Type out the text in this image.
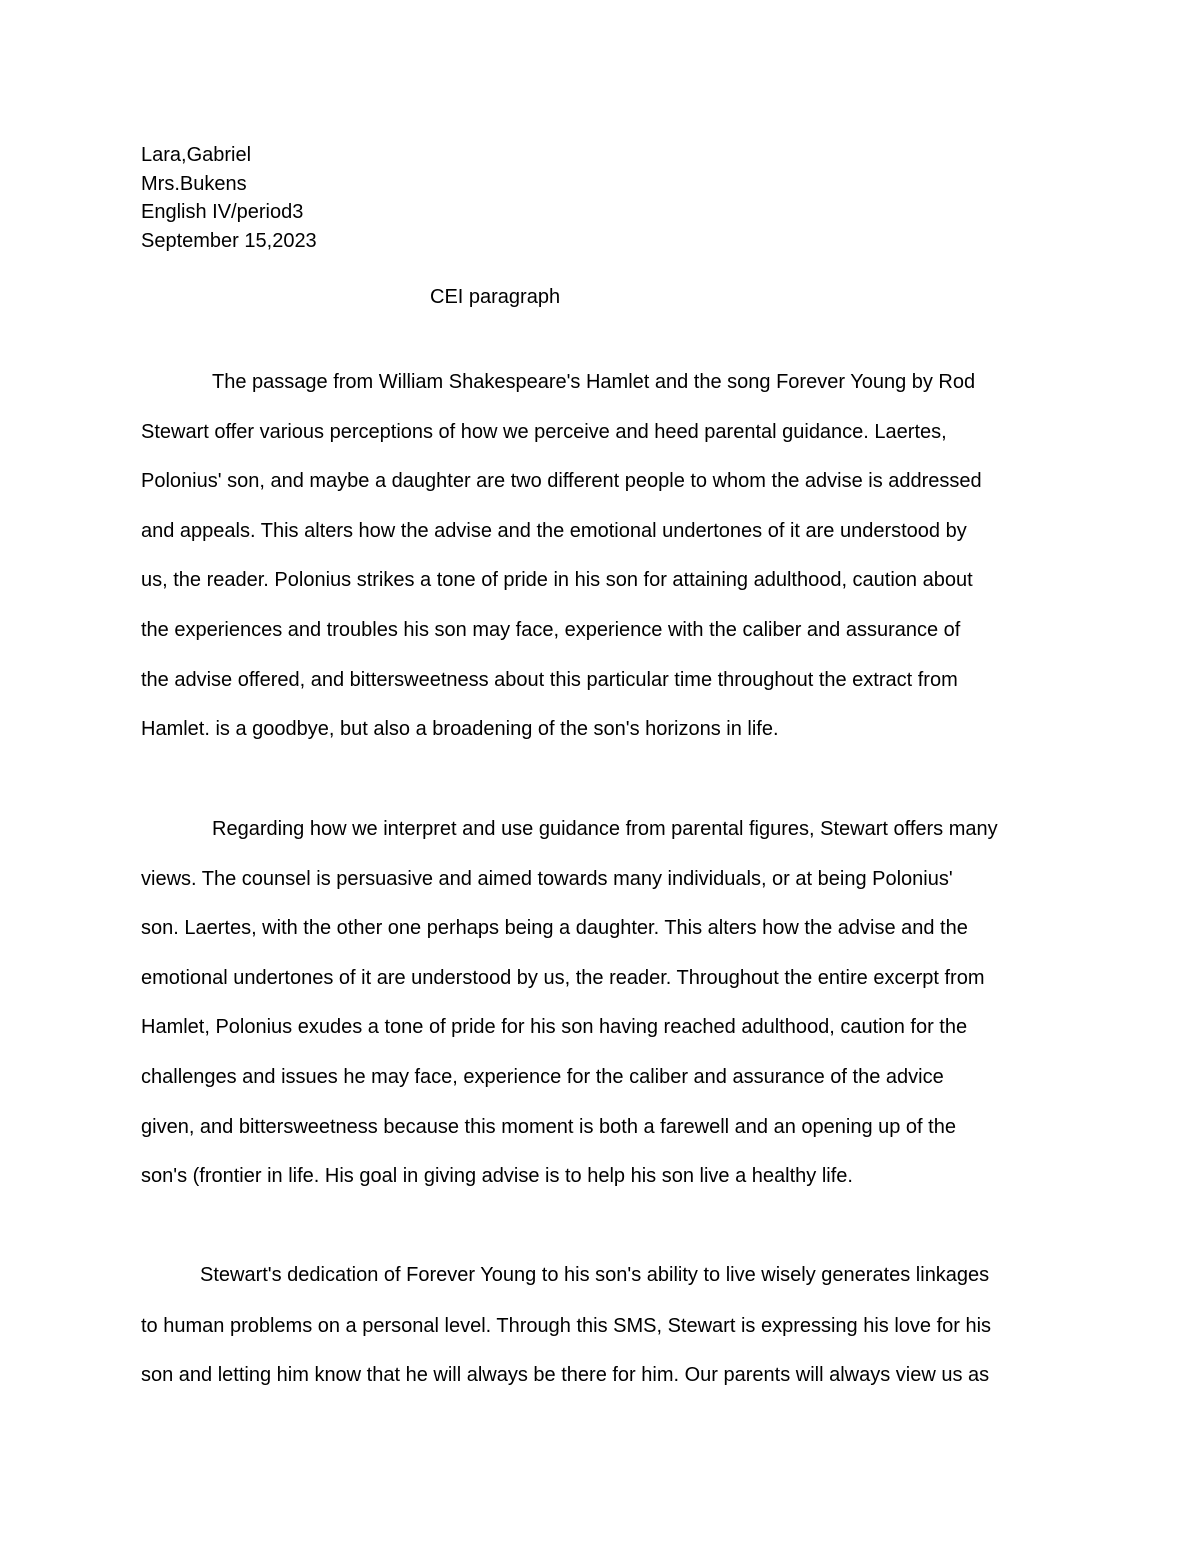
Lara,Gabriel
Mrs.Bukens
English IV/period3
September 15,2023
CEI paragraph
The passage from William Shakespeare's Hamlet and the song Forever Young by Rod
Stewart offer various perceptions of how we perceive and heed parental guidance. Laertes,
Polonius' son, and maybe a daughter are two different people to whom the advise is addressed
and appeals. This alters how the advise and the emotional undertones of it are understood by
us, the reader. Polonius strikes a tone of pride in his son for attaining adulthood, caution about
the experiences and troubles his son may face, experience with the caliber and assurance of
the advise offered, and bittersweetness about this particular time throughout the extract from
Hamlet. is a goodbye, but also a broadening of the son's horizons in life.
Regarding how we interpret and use guidance from parental figures, Stewart offers many
views. The counsel is persuasive and aimed towards many individuals, or at being Polonius'
son. Laertes, with the other one perhaps being a daughter. This alters how the advise and the
emotional undertones of it are understood by us, the reader. Throughout the entire excerpt from
Hamlet, Polonius exudes a tone of pride for his son having reached adulthood, caution for the
challenges and issues he may face, experience for the caliber and assurance of the advice
given, and bittersweetness because this moment is both a farewell and an opening up of the
son's (frontier in life. His goal in giving advise is to help his son live a healthy life.
Stewart's dedication of Forever Young to his son's ability to live wisely generates linkages
to human problems on a personal level. Through this SMS, Stewart is expressing his love for his
son and letting him know that he will always be there for him. Our parents will always view us as
